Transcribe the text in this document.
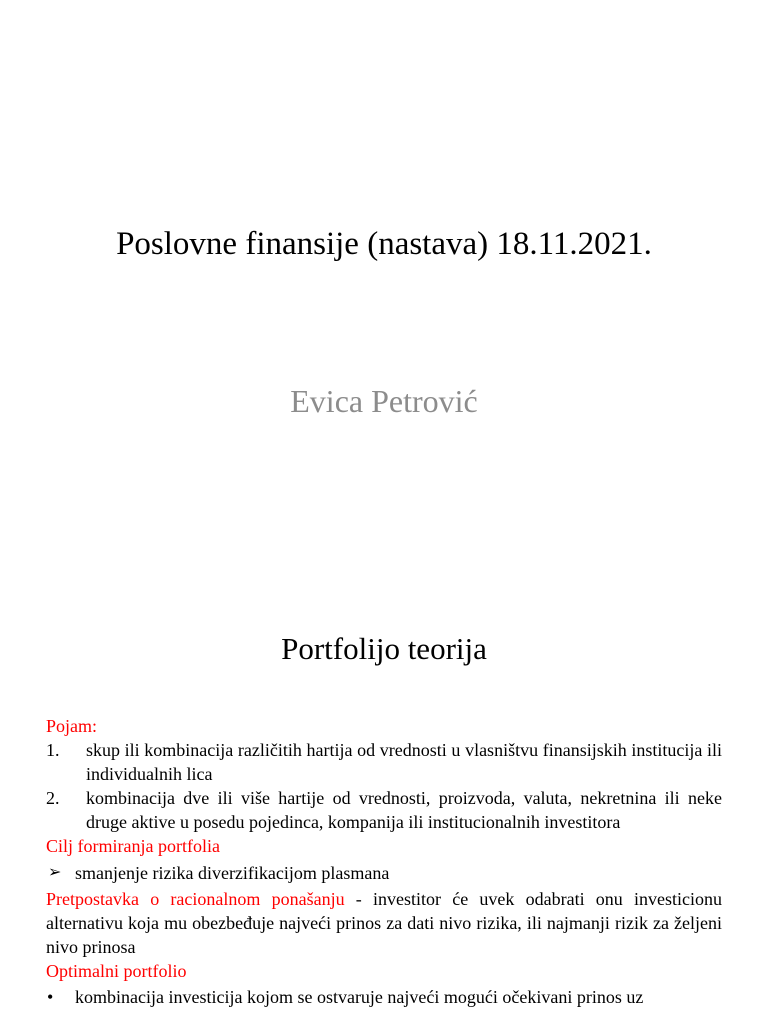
Poslovne finansije (nastava) 18.11.2021.
Evica Petrović
Portfolijo teorija

Pojam:

1. skup ili kombinacija različitih hartija od vrednosti u vlasništvu finansijskih institucija ili individualnih lica
2. kombinacija dve ili više hartije od vrednosti, proizvoda, valuta, nekretnina ili neke druge aktive u posedu pojedinca, kompanija ili institucionalnih investitora

Cilj formiranja portfolia

➢ smanjenje rizika diverzifikacijom plasmana

Pretpostavka o racionalnom ponašanju - investitor će uvek odabrati onu investicionu alternativu koja mu obezbeđuje najveći prinos za dati nivo rizika, ili najmanji rizik za željeni nivo prinosa

Optimalni portfolio

• kombinacija investicija kojom se ostvaruje najveći mogući očekivani prinos uz
